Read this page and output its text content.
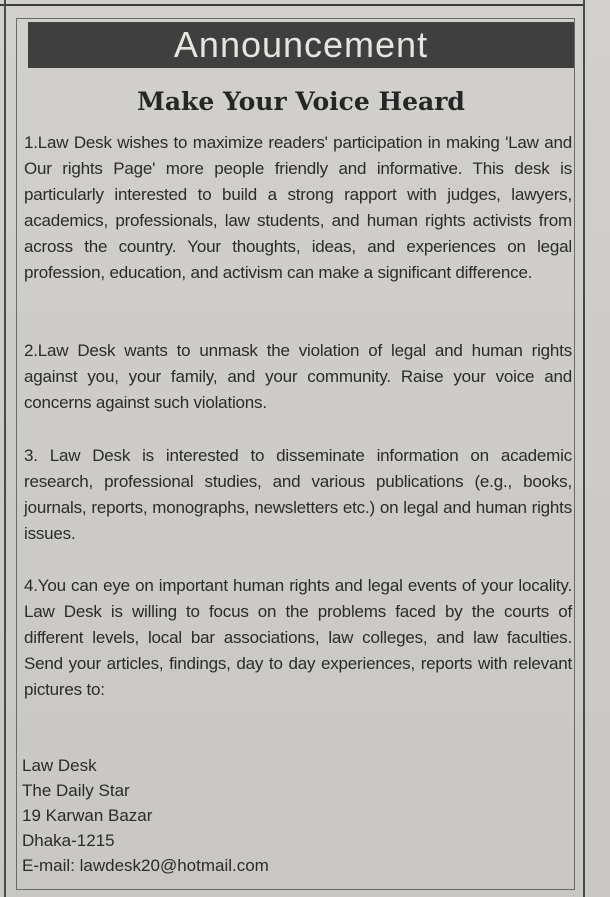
Announcement
Make Your Voice Heard

1.Law Desk wishes to maximize readers' participation in making 'Law and Our rights Page' more people friendly and informative. This desk is particularly interested to build a strong rapport with judges, lawyers, academics, professionals, law students, and human rights activists from across the country. Your thoughts, ideas, and experiences on legal profession, education, and activism can make a significant difference.

2.Law Desk wants to unmask the violation of legal and human rights against you, your family, and your community. Raise your voice and concerns against such violations.

3. Law Desk is interested to disseminate information on academic research, professional studies, and various publications (e.g., books, journals, reports, monographs, newsletters etc.) on legal and human rights issues.

4.You can eye on important human rights and legal events of your locality. Law Desk is willing to focus on the problems faced by the courts of different levels, local bar associations, law colleges, and law faculties. Send your articles, findings, day to day experiences, reports with relevant pictures to:

Law Desk
The Daily Star
19 Karwan Bazar
Dhaka-1215
E-mail: lawdesk20@hotmail.com
